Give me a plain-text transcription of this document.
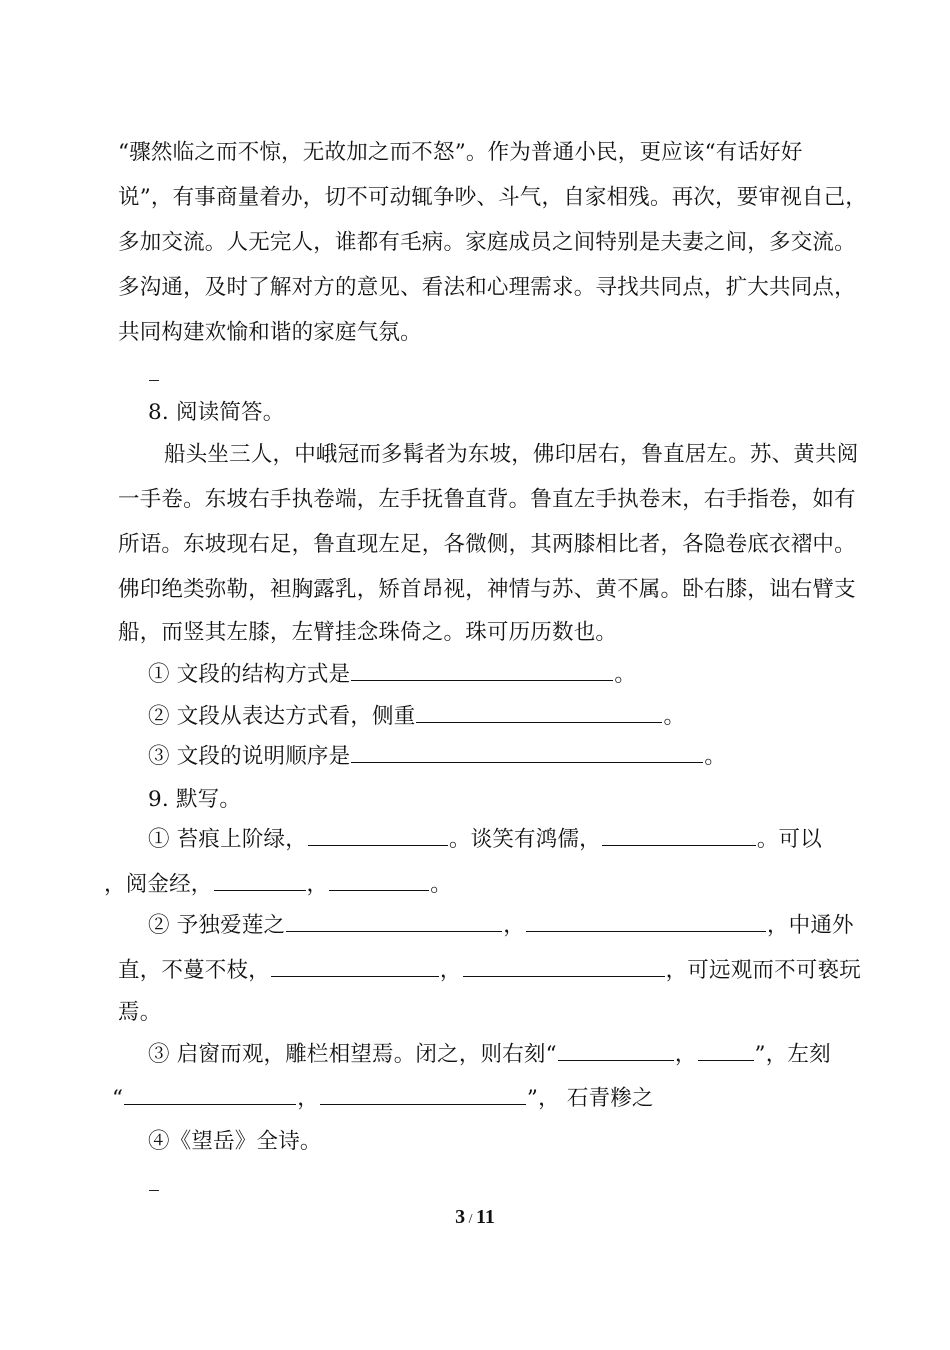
“骤然临之而不惊，无故加之而不怒”。作为普通小民，更应该“有话好好
说”，有事商量着办，切不可动辄争吵、斗气，自家相残。再次，要审视自己，
多加交流。人无完人，谁都有毛病。家庭成员之间特别是夫妻之间，多交流。
多沟通，及时了解对方的意见、看法和心理需求。寻找共同点，扩大共同点，
共同构建欢愉和谐的家庭气氛。
8. 阅读简答。
船头坐三人，中峨冠而多髯者为东坡，佛印居右，鲁直居左。苏、黄共阅
一手卷。东坡右手执卷端，左手抚鲁直背。鲁直左手执卷末，右手指卷，如有
所语。东坡现右足，鲁直现左足，各微侧，其两膝相比者，各隐卷底衣褶中。
佛印绝类弥勒，袒胸露乳，矫首昂视，神情与苏、黄不属。卧右膝，诎右臂支
船，而竖其左膝，左臂挂念珠倚之。珠可历历数也。
① 文段的结构方式是	。
② 文段从表达方式看，侧重	。
③ 文段的说明顺序是	。
9. 默写。
① 苔痕上阶绿，	。谈笑有鸿儒，	。可以
，阅金经，	，	。
② 予独爱莲之	，	，中通外
直，不蔓不枝，	，	，可远观而不可亵玩
焉。
③ 启窗而观，雕栏相望焉。闭之，则右刻“	，	”，左刻
“	，	”， 石青糁之
④《望岳》全诗。
3 / 11
